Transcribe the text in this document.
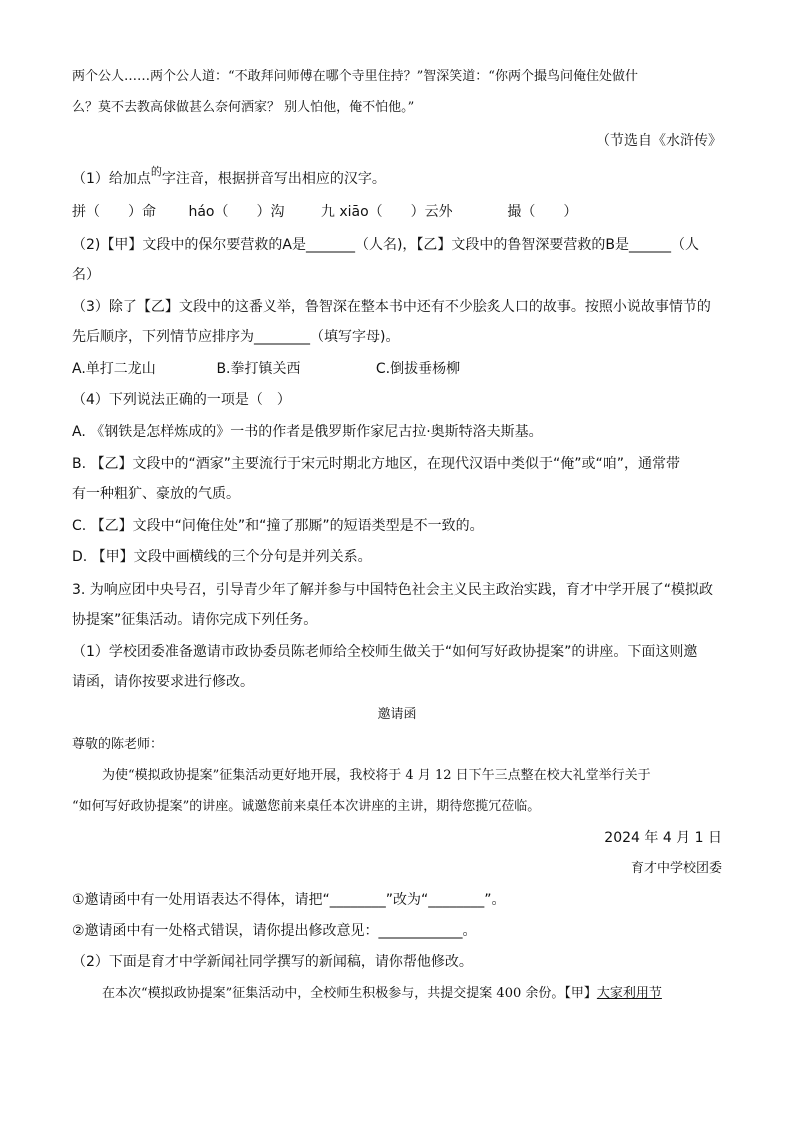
两个公人……两个公人道：“不敢拜问师傅在哪个寺里住持？”智深笑道：“你两个撮鸟问俺住处做什
么？莫不去教高俅做甚么奈何洒家？ 别人怕他，俺不怕他。”
（节选自《水浒传》
（1）给加点$^的$字注音，根据拼音写出相应的汉字。
拼（　　）命 háo（　　）沟	九 xiāo（　　）云外	撮（　　）
（2)【甲】文段中的保尔要营救的A是_______（人名)，【乙】文段中的鲁智深要营救的B是______（人
名）
（3）除了【乙】文段中的这番义举，鲁智深在整本书中还有不少脍炙人口的故事。按照小说故事情节的
先后顺序，下列情节应排序为________（填写字母)。
A.单打二龙山	B.拳打镇关西	C.倒拔垂杨柳
（4）下列说法正确的一项是（　）
A. 《钢铁是怎样炼成的》一书的作者是俄罗斯作家尼古拉·奥斯特洛夫斯基。
B. 【乙】文段中的“酒家”主要流行于宋元时期北方地区，在现代汉语中类似于“俺”或“咱”，通常带
有一种粗犷、豪放的气质。
C. 【乙】文段中“问俺住处”和“撞了那厮”的短语类型是不一致的。
D. 【甲】文段中画横线的三个分句是并列关系。
3. 为响应团中央号召，引导青少年了解并参与中国特色社会主义民主政治实践，育才中学开展了“模拟政
协提案”征集活动。请你完成下列任务。
（1）学校团委准备邀请市政协委员陈老师给全校师生做关于“如何写好政协提案”的讲座。下面这则邀
请函，请你按要求进行修改。
邀请函
尊敬的陈老师：
为使“模拟政协提案”征集活动更好地开展，我校将于 4 月 12 日下午三点整在校大礼堂举行关于
“如何写好政协提案”的讲座。诚邀您前来桌任本次讲座的主讲，期待您揽冗莅临。
2024 年 4 月 1 日
育才中学校团委
①邀请函中有一处用语表达不得体，请把“________”改为“________”。
②邀请函中有一处格式错误，请你提出修改意见：____________。
（2）下面是育才中学新闻社同学撰写的新闻稿，请你帮他修改。
在本次“模拟政协提案”征集活动中，全校师生积极参与，共提交提案 400 余份。【甲】大家利用节
